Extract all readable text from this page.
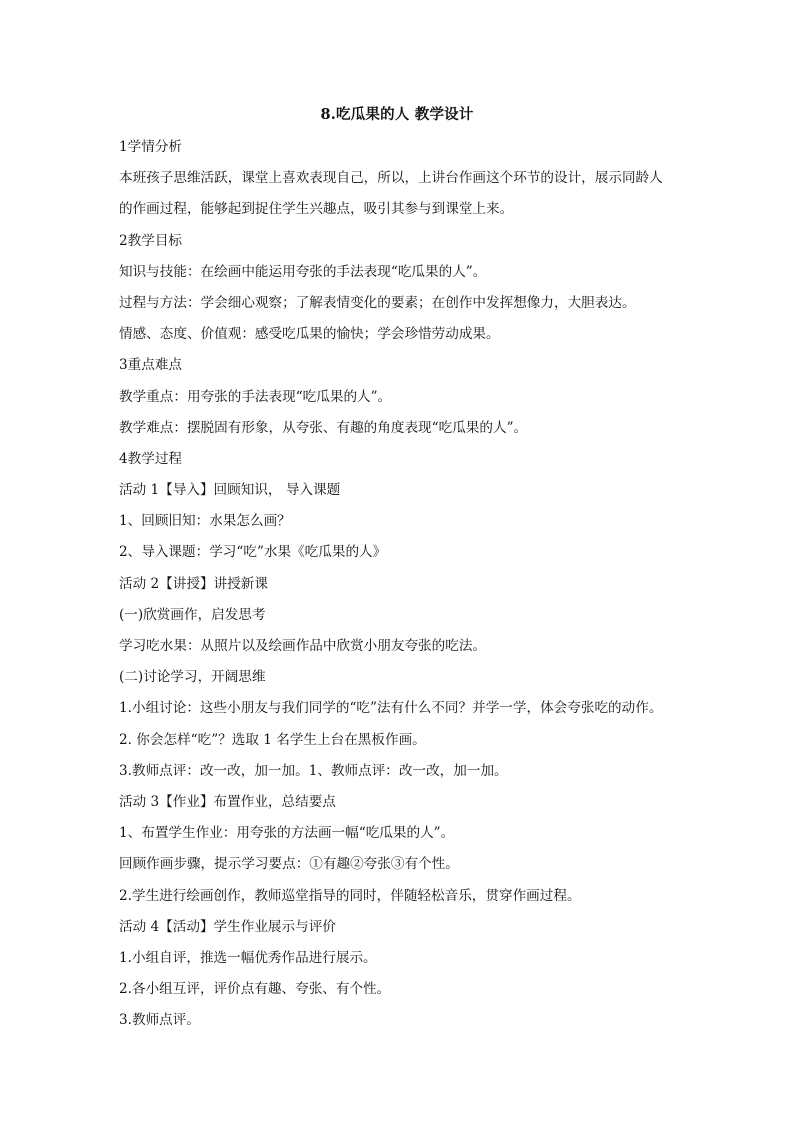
8.吃瓜果的人 教学设计
1学情分析
本班孩子思维活跃，课堂上喜欢表现自己，所以，上讲台作画这个环节的设计，展示同龄人
的作画过程，能够起到捉住学生兴趣点，吸引其参与到课堂上来。
2教学目标
知识与技能：在绘画中能运用夸张的手法表现“吃瓜果的人”。
过程与方法：学会细心观察；了解表情变化的要素；在创作中发挥想像力，大胆表达。
情感、态度、价值观：感受吃瓜果的愉快；学会珍惜劳动成果。
3重点难点
教学重点：用夸张的手法表现“吃瓜果的人”。
教学难点：摆脱固有形象，从夸张、有趣的角度表现“吃瓜果的人”。
4教学过程
活动 1【导入】回顾知识， 导入课题
1、回顾旧知：水果怎么画？
2、导入课题：学习“吃”水果《吃瓜果的人》
活动 2【讲授】讲授新课
(一)欣赏画作，启发思考
学习吃水果：从照片以及绘画作品中欣赏小朋友夸张的吃法。
(二)讨论学习，开阔思维
1.小组讨论：这些小朋友与我们同学的“吃”法有什么不同？并学一学，体会夸张吃的动作。
2. 你会怎样“吃”？选取 1 名学生上台在黑板作画。
3.教师点评：改一改，加一加。1、教师点评：改一改，加一加。
活动 3【作业】布置作业，总结要点
1、布置学生作业：用夸张的方法画一幅“吃瓜果的人”。
回顾作画步骤，提示学习要点：①有趣②夸张③有个性。
2.学生进行绘画创作，教师巡堂指导的同时，伴随轻松音乐，贯穿作画过程。
活动 4【活动】学生作业展示与评价
1.小组自评，推选一幅优秀作品进行展示。
2.各小组互评，评价点有趣、夸张、有个性。
3.教师点评。
